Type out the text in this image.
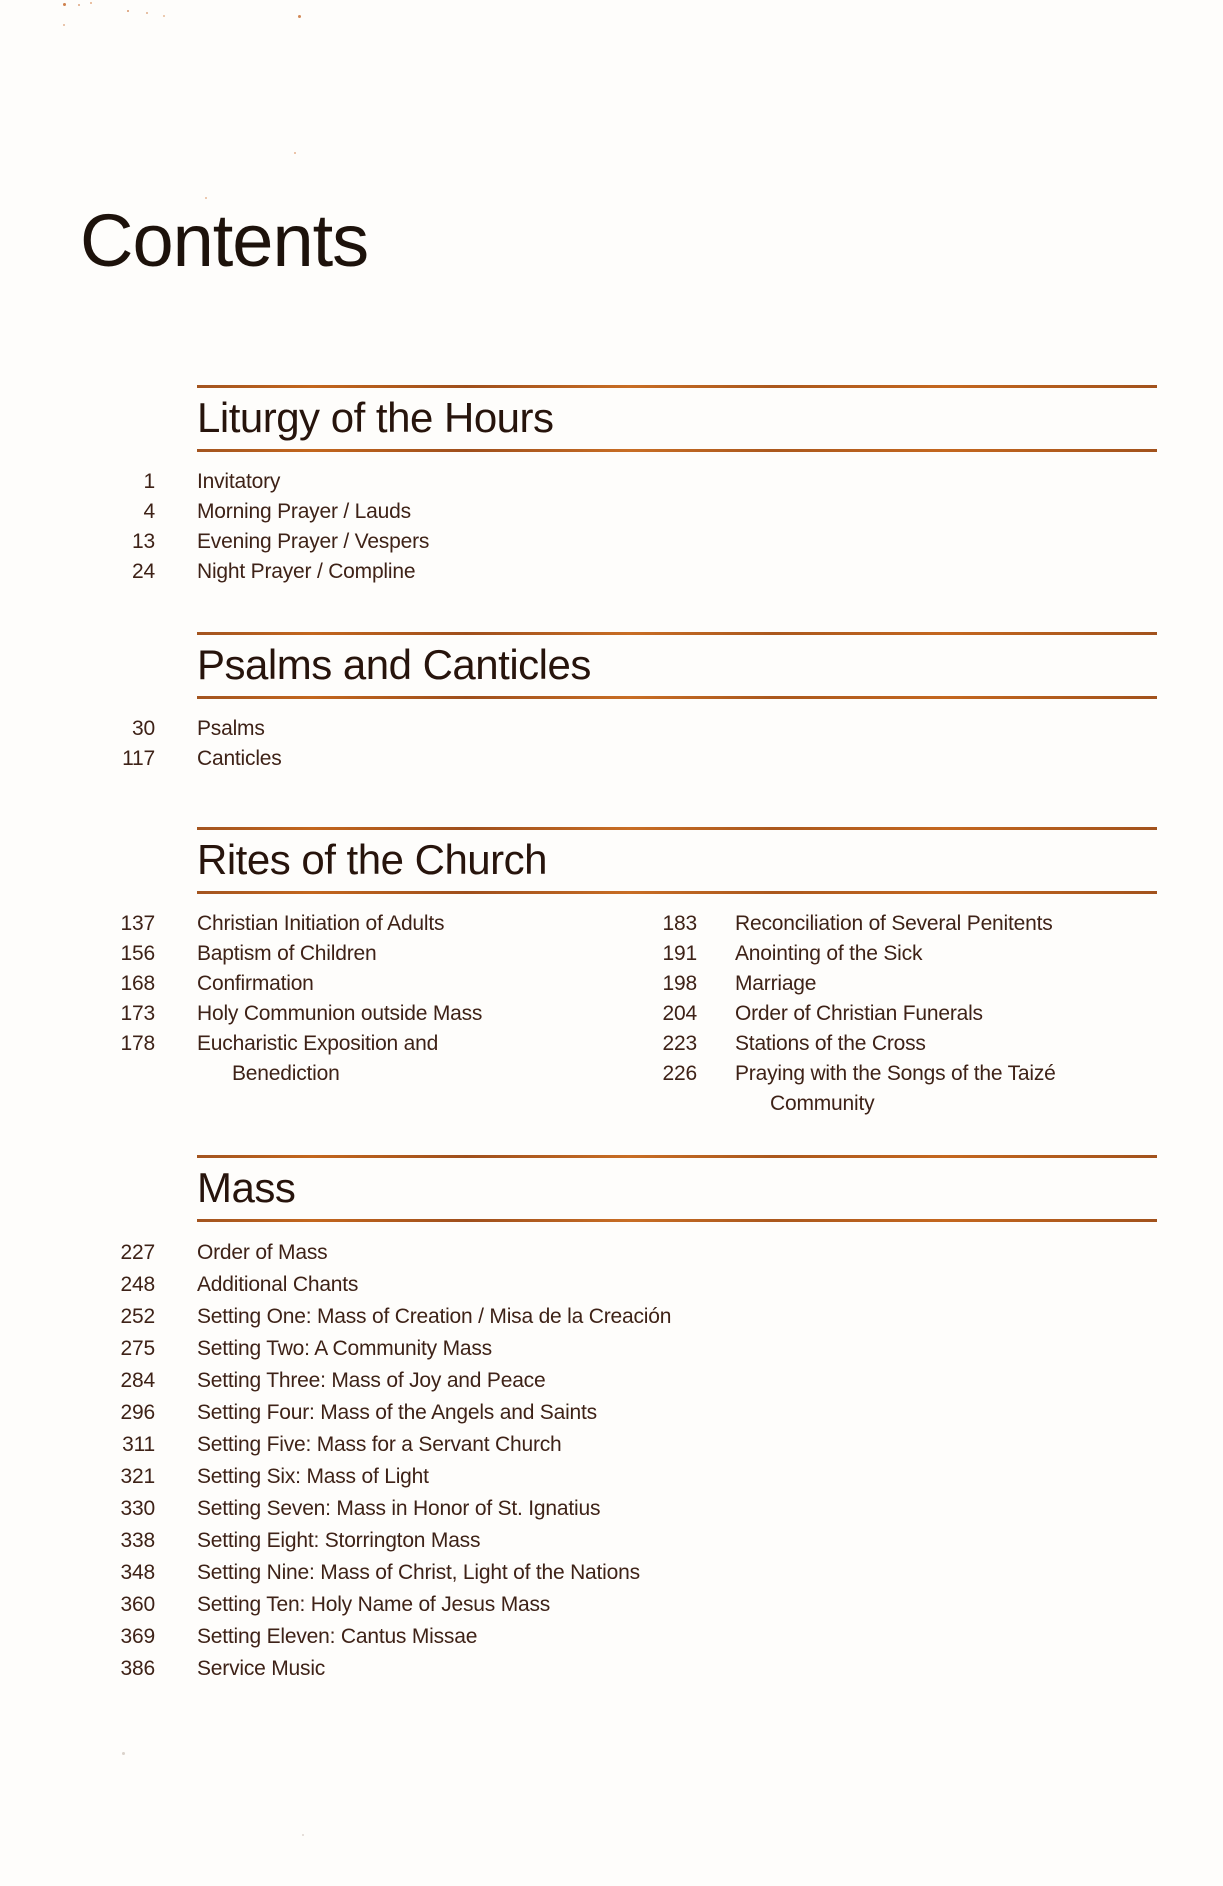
Contents
Liturgy of the Hours
1 Invitatory
4 Morning Prayer / Lauds
13 Evening Prayer / Vespers
24 Night Prayer / Compline
Psalms and Canticles
30 Psalms
117 Canticles
Rites of the Church
137 Christian Initiation of Adults
156 Baptism of Children
168 Confirmation
173 Holy Communion outside Mass
178 Eucharistic Exposition and
Benediction
183 Reconciliation of Several Penitents
191 Anointing of the Sick
198 Marriage
204 Order of Christian Funerals
223 Stations of the Cross
226 Praying with the Songs of the Taizé
Community
Mass
227 Order of Mass
248 Additional Chants
252 Setting One: Mass of Creation / Misa de la Creación
275 Setting Two: A Community Mass
284 Setting Three: Mass of Joy and Peace
296 Setting Four: Mass of the Angels and Saints
311 Setting Five: Mass for a Servant Church
321 Setting Six: Mass of Light
330 Setting Seven: Mass in Honor of St. Ignatius
338 Setting Eight: Storrington Mass
348 Setting Nine: Mass of Christ, Light of the Nations
360 Setting Ten: Holy Name of Jesus Mass
369 Setting Eleven: Cantus Missae
386 Service Music
